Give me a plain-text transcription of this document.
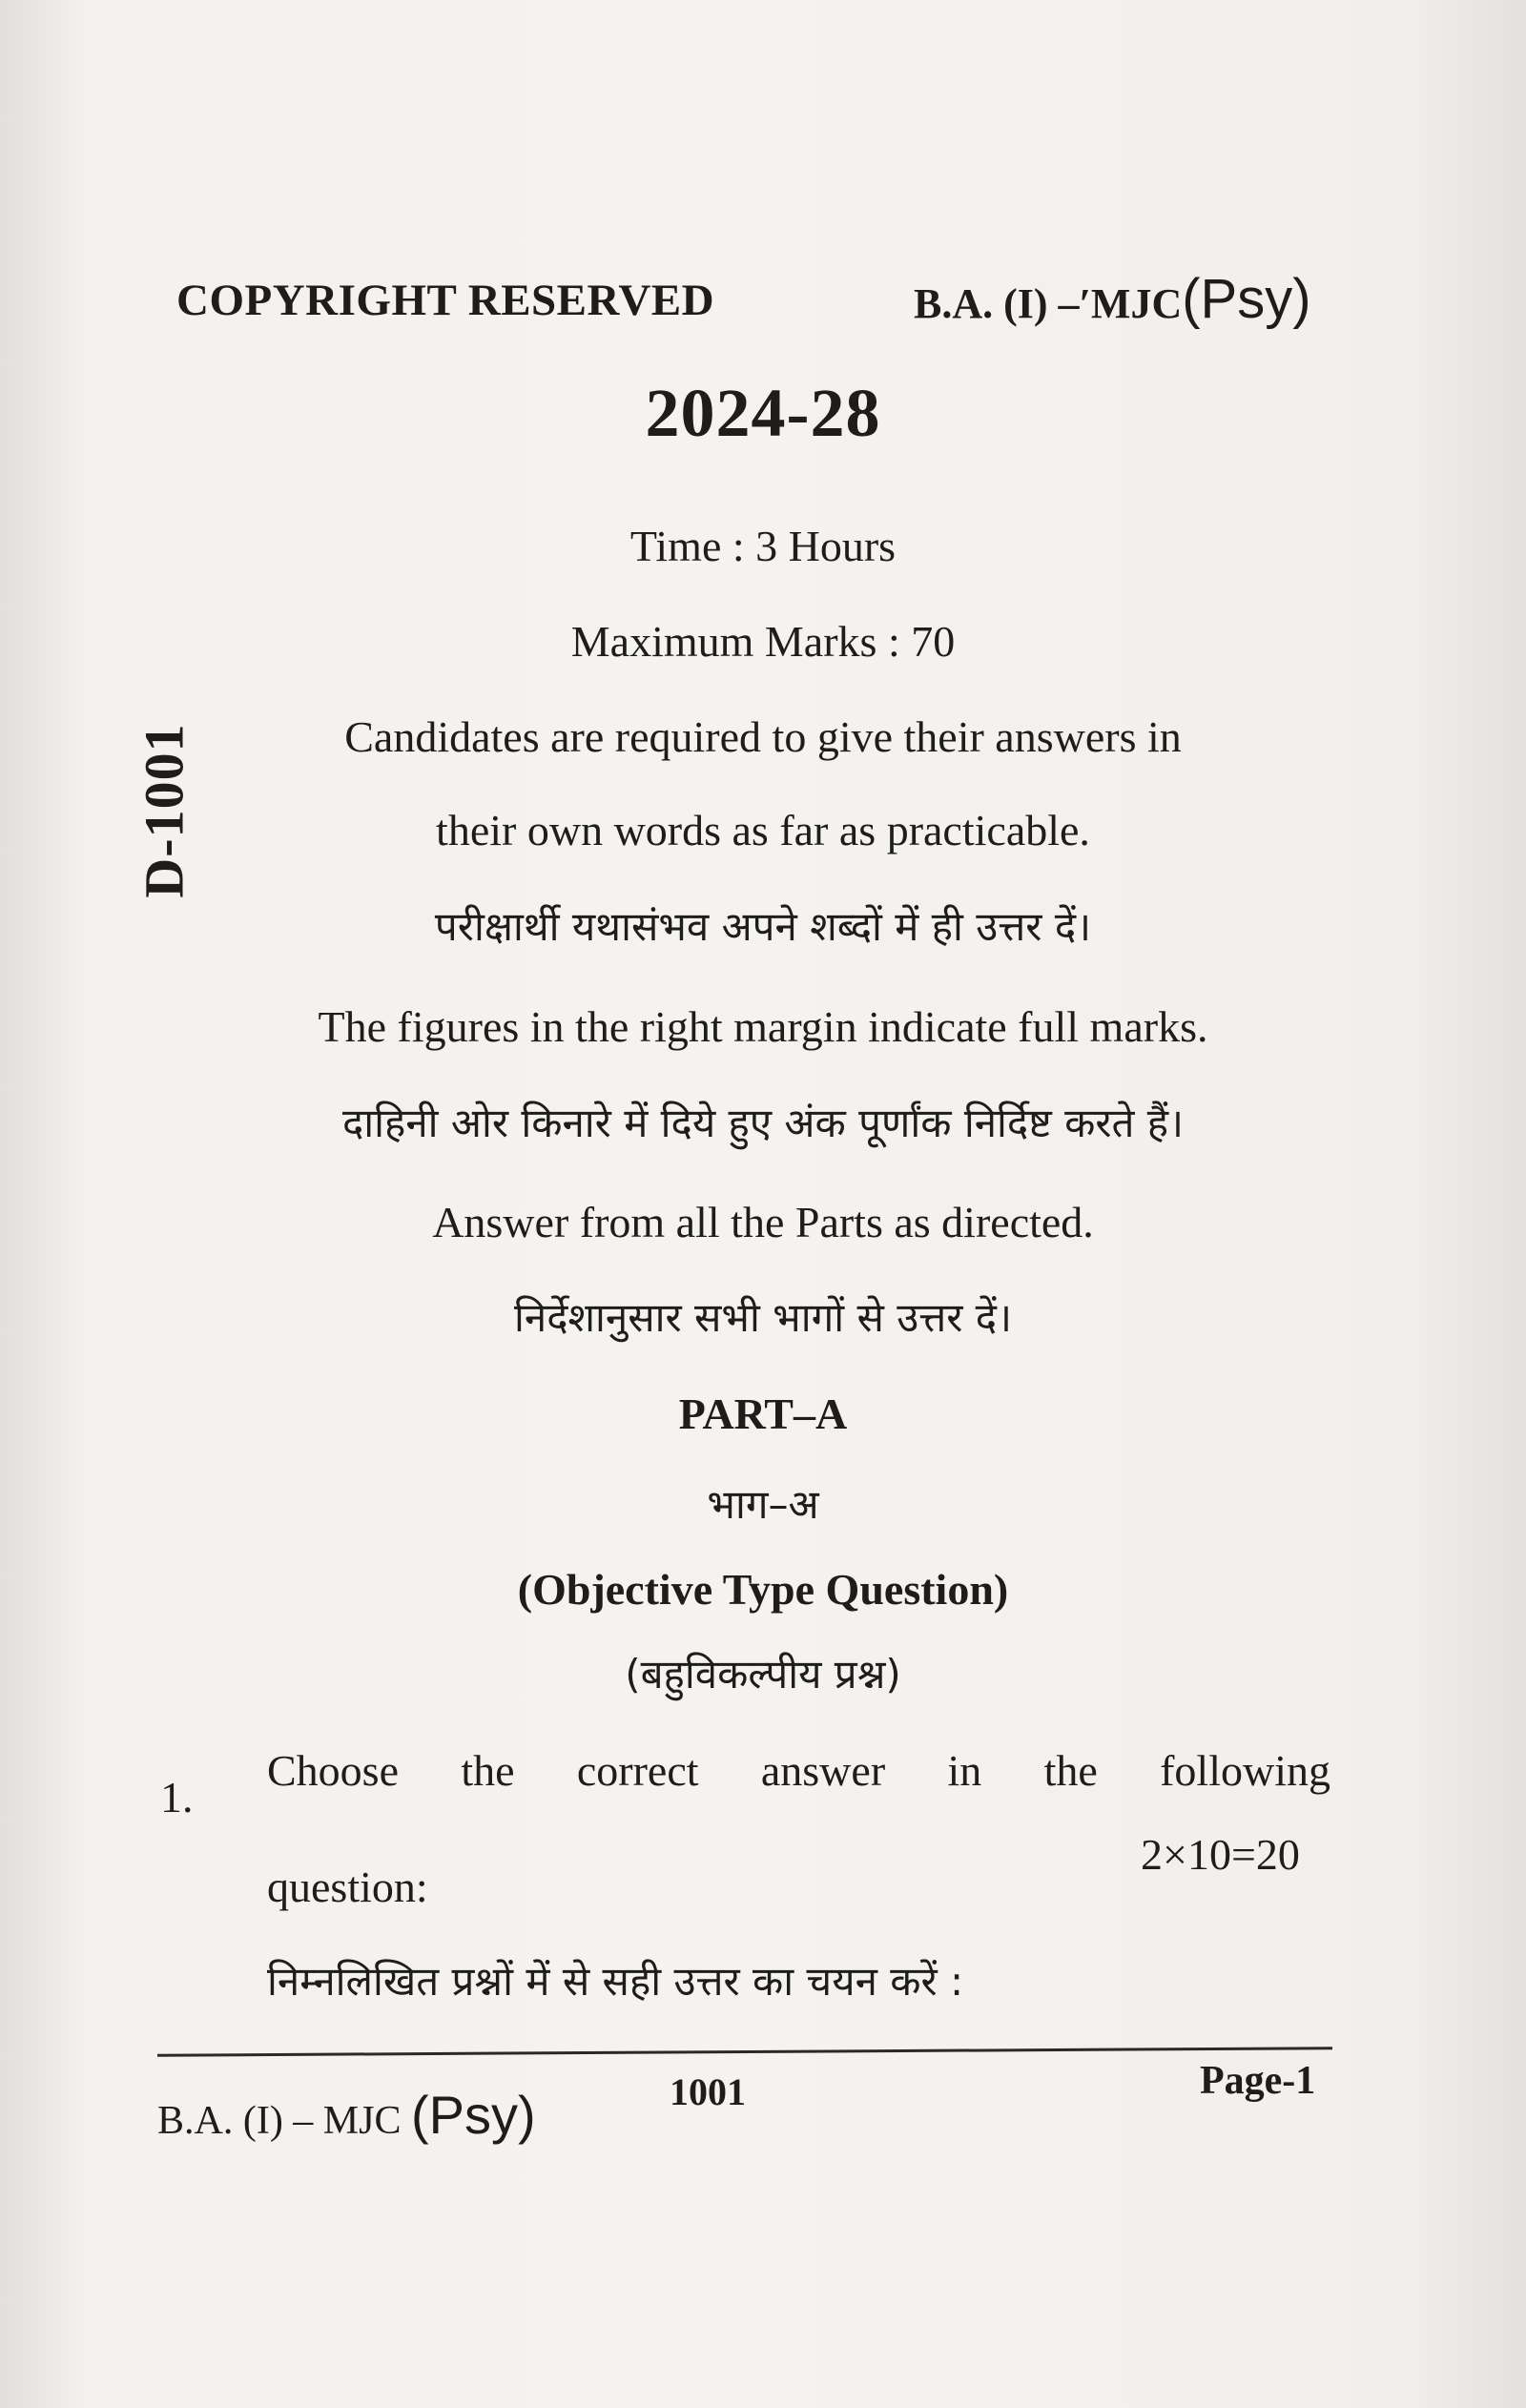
COPYRIGHT RESERVED	B.A. (I) –ʹMJC(Psy)
2024-28
D-1001
Time : 3 Hours
Maximum Marks : 70
Candidates are required to give their answers in
their own words as far as practicable.
परीक्षार्थी यथासंभव अपने शब्दों में ही उत्तर दें।
The figures in the right margin indicate full marks.
दाहिनी ओर किनारे में दिये हुए अंक पूर्णांक निर्दिष्ट करते हैं।
Answer from all the Parts as directed.
निर्देशानुसार सभी भागों से उत्तर दें।
PART–A
भाग–अ
(Objective Type Question)
(बहुविकल्पीय प्रश्न)
1.
Choose the correct answer in the following
question:
2×10=20
निम्नलिखित प्रश्नों में से सही उत्तर का चयन करें :
B.A. (I) – MJC (Psy)	1001	Page-1
